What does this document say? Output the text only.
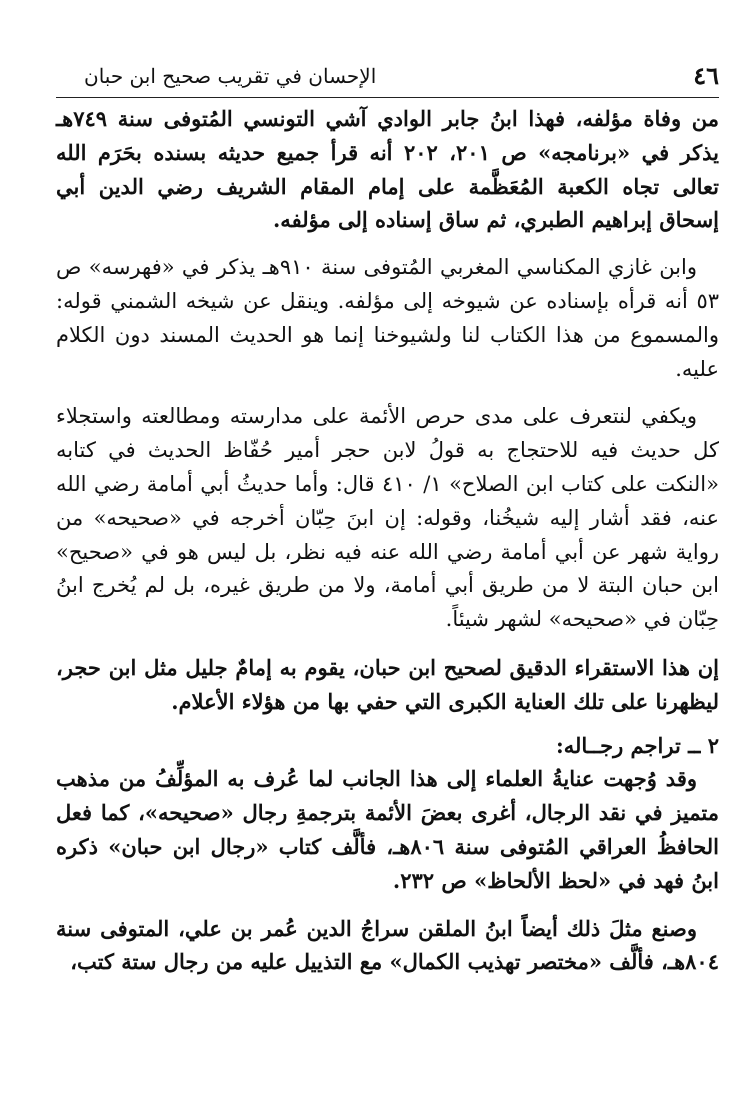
٤٦
الإحسان في تقريب صحيح ابن حبان

من وفاة مؤلفه، فهذا ابنُ جابر الوادي آشي التونسي المُتوفى سنة ٧٤٩هـ يذكر في «برنامجه» ص ٢٠١، ٢٠٢ أنه قرأ جميع حديثه بسنده بحَرَم الله تعالى تجاه الكعبة المُعَظَّمة على إمام المقام الشريف رضي الدين أبي إسحاق إبراهيم الطبري، ثم ساق إسناده إلى مؤلفه.

وابن غازي المكناسي المغربي المُتوفى سنة ٩١٠هـ يذكر في «فهرسه» ص ٥٣ أنه قرأه بإسناده عن شيوخه إلى مؤلفه. وينقل عن شيخه الشمني قوله: والمسموع من هذا الكتاب لنا ولشيوخنا إنما هو الحديث المسند دون الكلام عليه.

ويكفي لنتعرف على مدى حرص الأئمة على مدارسته ومطالعته واستجلاء كل حديث فيه للاحتجاج به قولُ لابن حجر أمير حُفّاظ الحديث في كتابه «النكت على كتاب ابن الصلاح» ١/ ٤١٠ قال: وأما حديثُ أبي أمامة رضي الله عنه، فقد أشار إليه شيخُنا، وقوله: إن ابنَ حِبّان أخرجه في «صحيحه» من رواية شهر عن أبي أمامة رضي الله عنه فيه نظر، بل ليس هو في «صحيح» ابن حبان البتة لا من طريق أبي أمامة، ولا من طريق غيره، بل لم يُخرج ابنُ حِبّان في «صحيحه» لشهر شيئاً.

إن هذا الاستقراء الدقيق لصحيح ابن حبان، يقوم به إمامٌ جليل مثل ابن حجر، ليظهرنا على تلك العناية الكبرى التي حفي بها من هؤلاء الأعلام.

٢ ــ تراجم رجــاله:

وقد وُجهت عنايةُ العلماء إلى هذا الجانب لما عُرف به المؤلِّفُ من مذهب متميز في نقد الرجال، أغرى بعضَ الأئمة بترجمةِ رجال «صحيحه»، كما فعل الحافظُ العراقي المُتوفى سنة ٨٠٦هـ، فألَّف كتاب «رجال ابن حبان» ذكره ابنُ فهد في «لحظ الألحاظ» ص ٢٣٢.

وصنع مثلَ ذلك أيضاً ابنُ الملقن سراجُ الدين عُمر بن علي، المتوفى سنة ٨٠٤هـ، فألَّف «مختصر تهذيب الكمال» مع التذييل عليه من رجال ستة كتب،
